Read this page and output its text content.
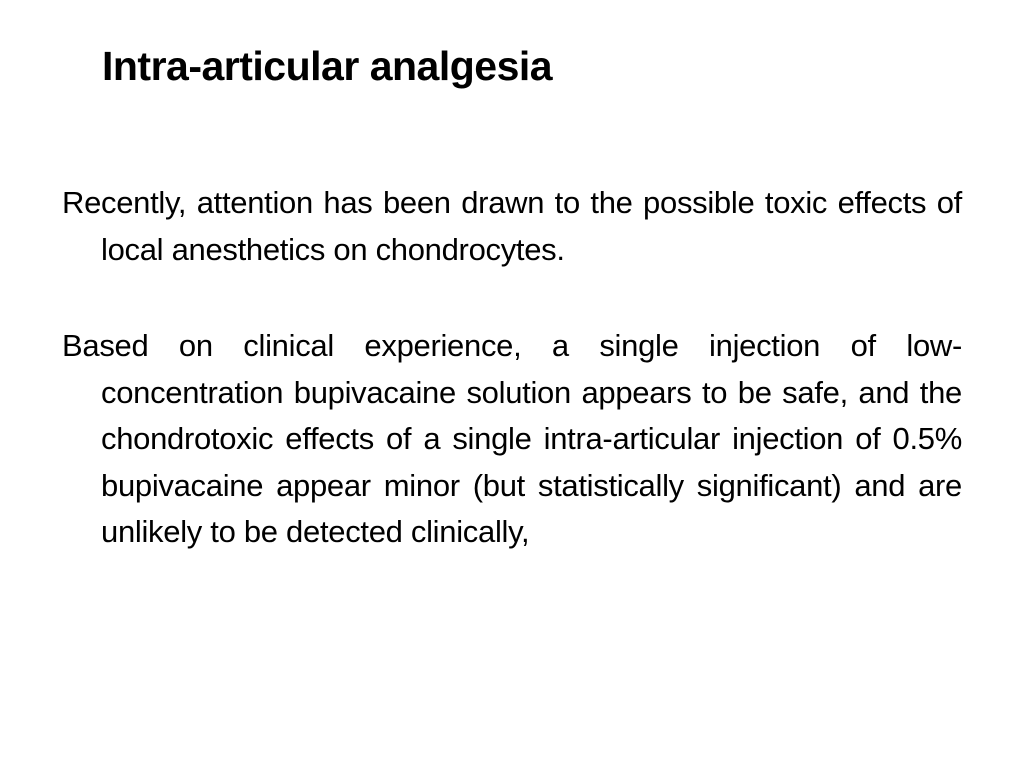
Intra-articular analgesia

Recently, attention has been drawn to the possible toxic effects of local anesthetics on chondrocytes.

Based on clinical experience, a single injection of low-concentration bupivacaine solution appears to be safe, and the chondrotoxic effects of a single intra-articular injection of 0.5% bupivacaine appear minor (but statistically significant) and are unlikely to be detected clinically,
